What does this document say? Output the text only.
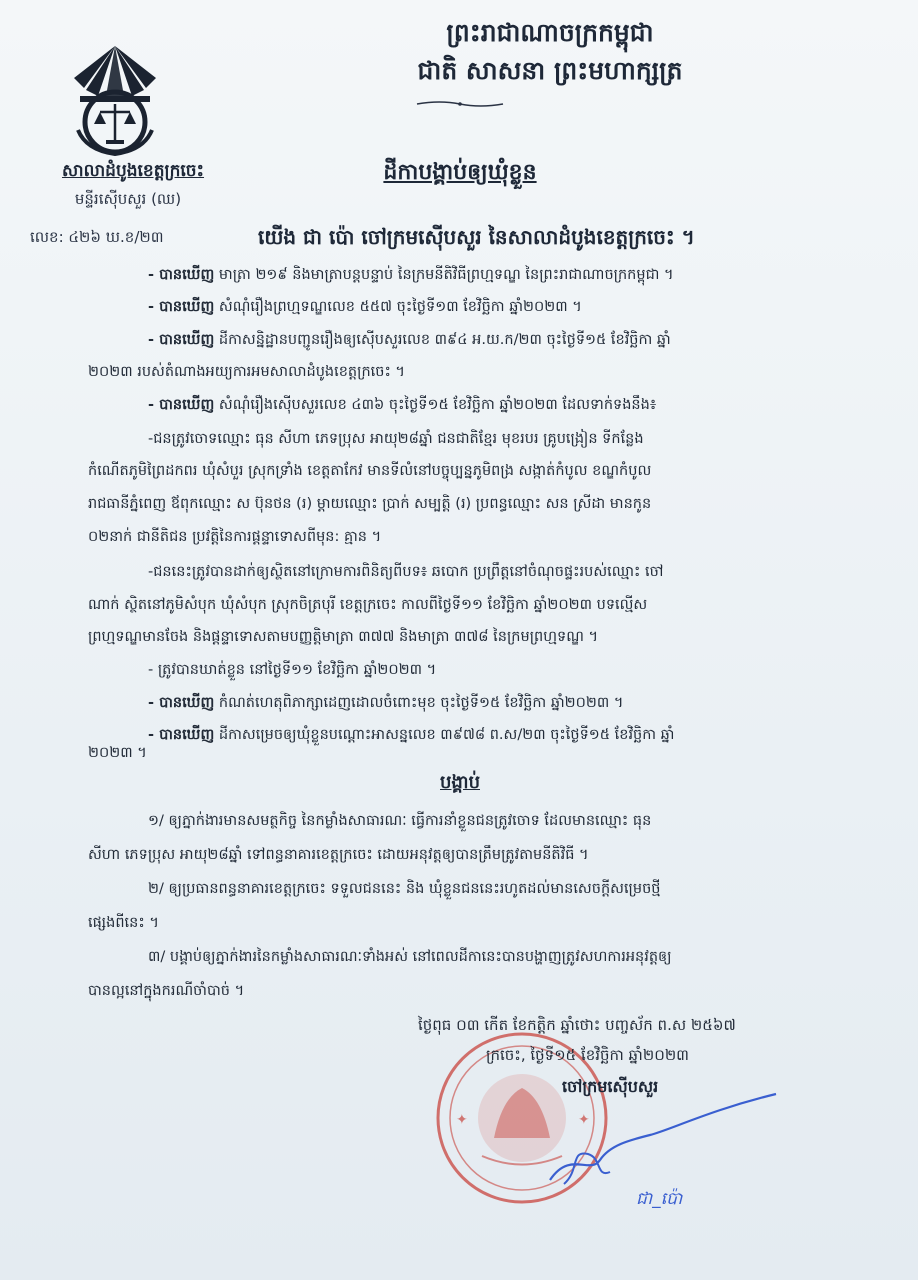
ព្រះរាជាណាចក្រកម្ពុជា
ជាតិ សាសនា ព្រះមហាក្សត្រ
សាលាដំបូងខេត្តក្រចេះ
មន្ទីរស៊ើបសួរ (ឈ)
លេខ: ៤២៦ ឃ.ខ/២៣
ដីកាបង្គាប់ឲ្យឃុំខ្លួន
យើង ជា ប៉ោ ចៅក្រមស៊ើបសួរ នៃសាលាដំបូងខេត្តក្រចេះ ។
- បានឃើញ មាត្រា ២១៩ និងមាត្រាបន្តបន្ទាប់ នៃក្រមនីតិវិធីព្រហ្មទណ្ឌ នៃព្រះរាជាណាចក្រកម្ពុជា ។
- បានឃើញ សំណុំរឿងព្រហ្មទណ្ឌលេខ ៥៥៧ ចុះថ្ងៃទី១៣ ខែវិច្ឆិកា ឆ្នាំ២០២៣ ។
- បានឃើញ ដីកាសន្និដ្ឋានបញ្ជូនរឿងឲ្យស៊ើបសួរលេខ ៣៩៤ អ.យ.ក/២៣ ចុះថ្ងៃទី១៥ ខែវិច្ឆិកា ឆ្នាំ
២០២៣ របស់តំណាងអយ្យការអមសាលាដំបូងខេត្តក្រចេះ ។
- បានឃើញ សំណុំរឿងស៊ើបសួរលេខ ៤៣៦ ចុះថ្ងៃទី១៥ ខែវិច្ឆិកា ឆ្នាំ២០២៣ ដែលទាក់ទងនឹង៖
-ជនត្រូវចោទឈ្មោះ ធុន សីហា ភេទប្រុស អាយុ២៨ឆ្នាំ ជនជាតិខ្មែរ មុខរបរ គ្រូបង្រៀន ទីកន្លែង
កំណើតភូមិព្រៃដកពរ ឃុំសំបួរ ស្រុកទ្រាំង ខេត្តតាកែវ មានទីលំនៅបច្ចុប្បន្នភូមិពង្រ សង្កាត់កំបូល ខណ្ឌកំបូល
រាជធានីភ្នំពេញ ឪពុកឈ្មោះ ស ប៊ុនថន (រ) ម្ដាយឈ្មោះ ប្រាក់ សម្បត្តិ (រ) ប្រពន្ធឈ្មោះ សន ស្រីដា មានកូន
០២នាក់ ជានីតិជន ប្រវត្តិនៃការផ្ដន្ទាទោសពីមុន: គ្មាន ។
-ជននេះត្រូវបានដាក់ឲ្យស្ថិតនៅក្រោមការពិនិត្យពីបទ៖ ឆបោក ប្រព្រឹត្តនៅចំណុចផ្ទះរបស់ឈ្មោះ ចៅ
ណាក់ ស្ថិតនៅភូមិសំបុក ឃុំសំបុក ស្រុកចិត្របុរី ខេត្តក្រចេះ កាលពីថ្ងៃទី១១ ខែវិច្ឆិកា ឆ្នាំ២០២៣ បទល្មើស
ព្រហ្មទណ្ឌមានចែង និងផ្ដន្ទាទោសតាមបញ្ញត្តិមាត្រា ៣៧៧ និងមាត្រា ៣៧៨ នៃក្រមព្រហ្មទណ្ឌ ។
- ត្រូវបានឃាត់ខ្លួន នៅថ្ងៃទី១១ ខែវិច្ឆិកា ឆ្នាំ២០២៣ ។
- បានឃើញ កំណត់ហេតុពិភាក្សាដេញដោលចំពោះមុខ ចុះថ្ងៃទី១៥ ខែវិច្ឆិកា ឆ្នាំ២០២៣ ។
- បានឃើញ ដីកាសម្រេចឲ្យឃុំខ្លួនបណ្ដោះអាសន្នលេខ ៣៩៧៨ ព.ស/២៣ ចុះថ្ងៃទី១៥ ខែវិច្ឆិកា ឆ្នាំ
២០២៣ ។
បង្គាប់
១/ ឲ្យភ្នាក់ងារមានសមត្ថកិច្ច នៃកម្លាំងសាធារណៈ ធ្វើការនាំខ្លួនជនត្រូវចោទ ដែលមានឈ្មោះ ធុន
សីហា ភេទប្រុស អាយុ២៨ឆ្នាំ ទៅពន្ធនាគារខេត្តក្រចេះ ដោយអនុវត្តឲ្យបានត្រឹមត្រូវតាមនីតិវិធី ។
២/ ឲ្យប្រធានពន្ធនាគារខេត្តក្រចេះ ទទួលជននេះ និង ឃុំខ្លួនជននេះរហូតដល់មានសេចក្ដីសម្រេចថ្មី
ផ្សេងពីនេះ ។
៣/ បង្គាប់ឲ្យភ្នាក់ងារនៃកម្លាំងសាធារណៈទាំងអស់ នៅពេលដីកានេះបានបង្ហាញត្រូវសហការអនុវត្តឲ្យ
បានល្អនៅក្នុងករណីចាំបាច់ ។
✦	✦
ថ្ងៃពុធ ០៣ កើត ខែកត្តិក ឆ្នាំថោះ បញ្ចស័ក ព.ស ២៥៦៧
ក្រចេះ, ថ្ងៃទី១៥ ខែវិច្ឆិកា ឆ្នាំ២០២៣
ចៅក្រមស៊ើបសួរ
ជា_ប៉ោ
